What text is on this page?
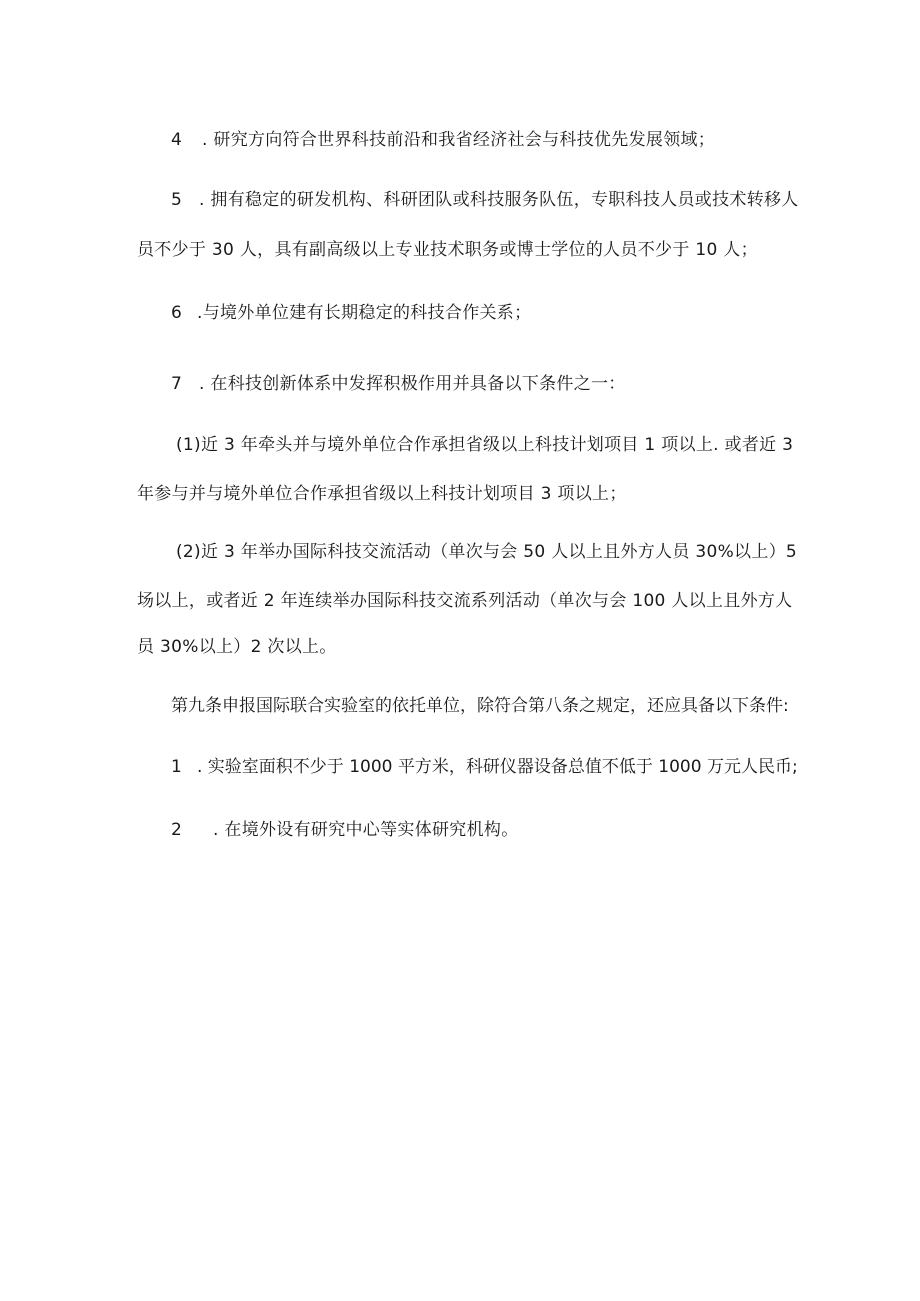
4 . 研究方向符合世界科技前沿和我省经济社会与科技优先发展领域；
5 . 拥有稳定的研发机构、科研团队或科技服务队伍，专职科技人员或技术转移人
员不少于 30 人，具有副高级以上专业技术职务或博士学位的人员不少于 10 人；
6 .与境外单位建有长期稳定的科技合作关系；
7 . 在科技创新体系中发挥积极作用并具备以下条件之一：
(1)近 3 年牵头并与境外单位合作承担省级以上科技计划项目 1 项以上. 或者近 3
年参与并与境外单位合作承担省级以上科技计划项目 3 项以上；
(2)近 3 年举办国际科技交流活动（单次与会 50 人以上且外方人员 30%以上）5
场以上，或者近 2 年连续举办国际科技交流系列活动（单次与会 100 人以上且外方人
员 30%以上）2 次以上。
第九条申报国际联合实验室的依托单位，除符合第八条之规定，还应具备以下条件:
1 . 实验室面积不少于 1000 平方米，科研仪器设备总值不低于 1000 万元人民币;
2 . 在境外设有研究中心等实体研究机构。
